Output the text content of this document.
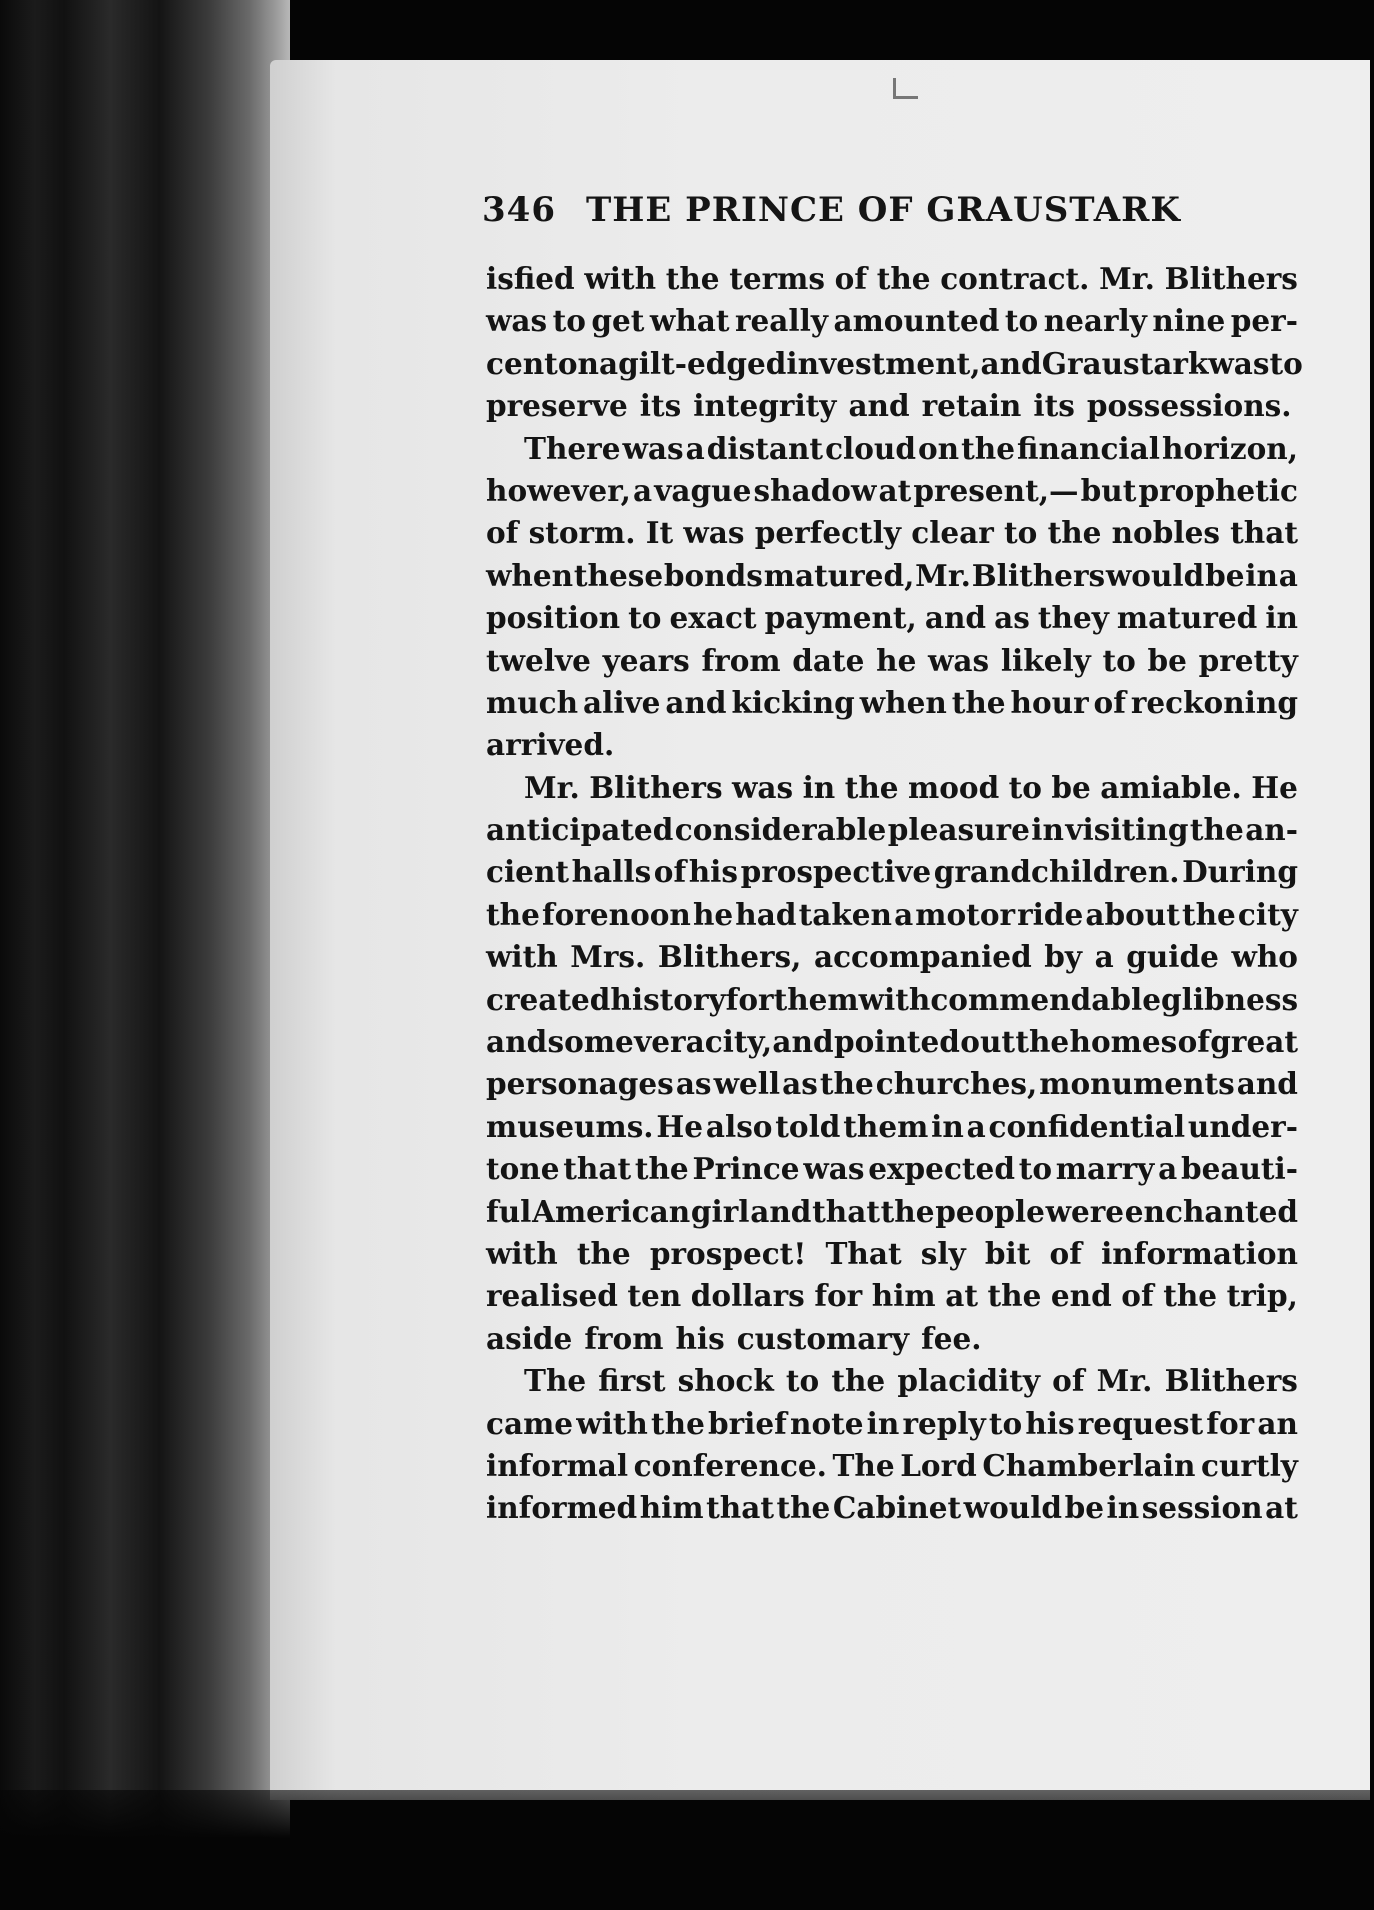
346 THE PRINCE OF GRAUSTARK
isfied with the terms of the contract. Mr. Blithers
was to get what really amounted to nearly nine per-
cent on a gilt-edged investment, and Graustark was to
preserve its integrity and retain its possessions.
There was a distant cloud on the financial horizon,
however, a vague shadow at present,— but prophetic
of storm. It was perfectly clear to the nobles that
when these bonds matured, Mr. Blithers would be in a
position to exact payment, and as they matured in
twelve years from date he was likely to be pretty
much alive and kicking when the hour of reckoning
arrived.
Mr. Blithers was in the mood to be amiable. He
anticipated considerable pleasure in visiting the an-
cient halls of his prospective grandchildren. During
the forenoon he had taken a motor ride about the city
with Mrs. Blithers, accompanied by a guide who
created history for them with commendable glibness
and some veracity, and pointed out the homes of great
personages as well as the churches, monuments and
museums. He also told them in a confidential under-
tone that the Prince was expected to marry a beauti-
ful American girl and that the people were enchanted
with the prospect! That sly bit of information
realised ten dollars for him at the end of the trip,
aside from his customary fee.
The first shock to the placidity of Mr. Blithers
came with the brief note in reply to his request for an
informal conference. The Lord Chamberlain curtly
informed him that the Cabinet would be in session at
